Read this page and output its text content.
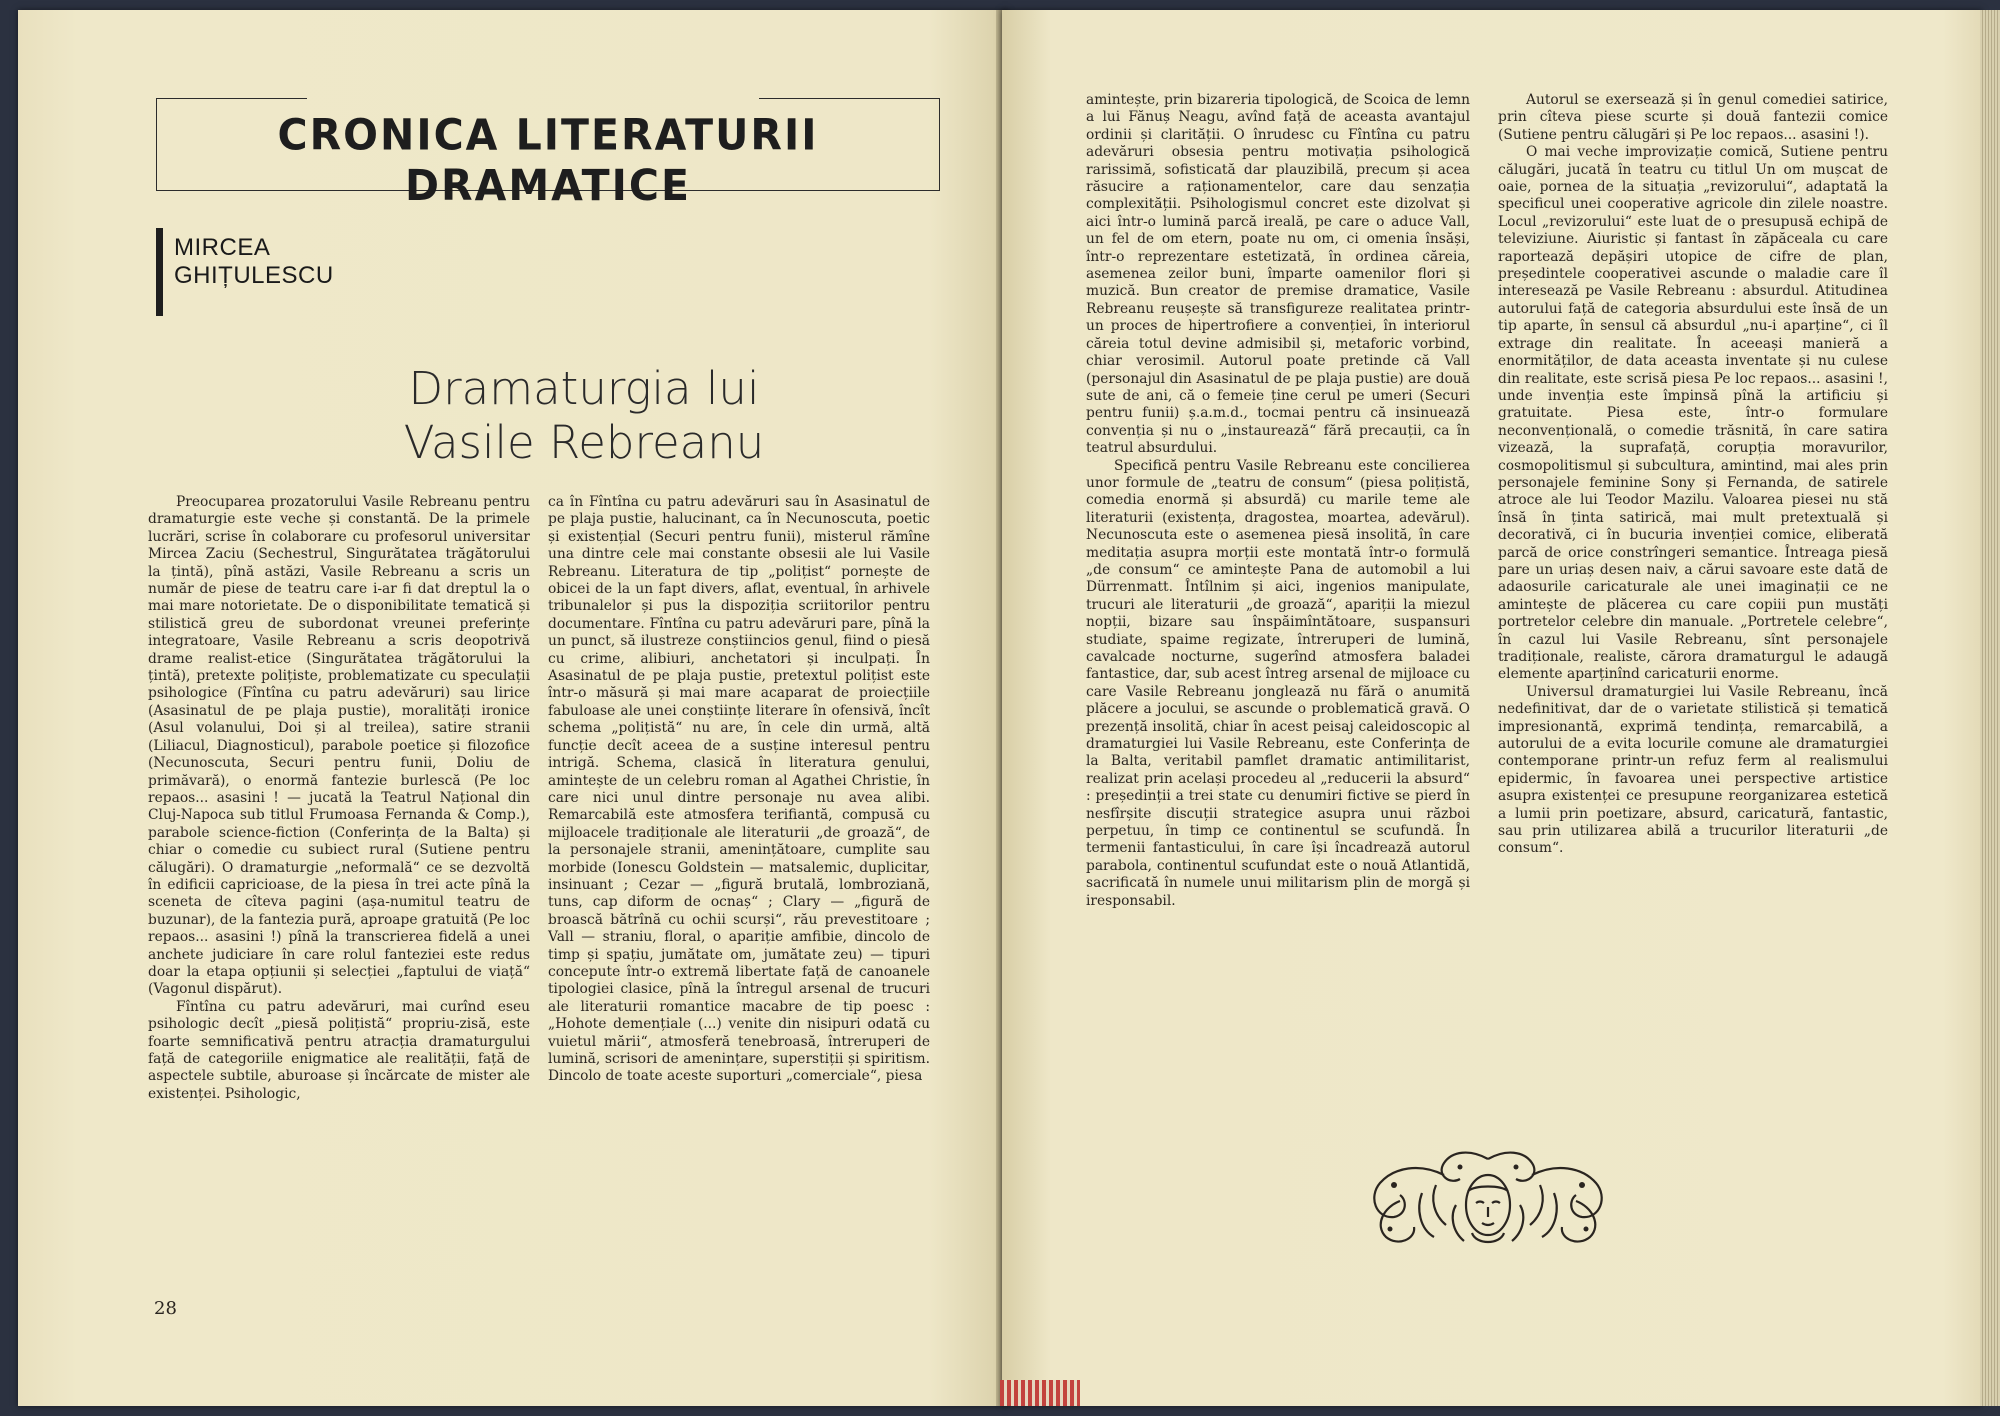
CRONICA LITERATURII DRAMATICE
MIRCEA
GHIȚULESCU
Dramaturgia lui
Vasile Rebreanu

Preocuparea prozatorului Vasile Rebreanu pentru dramaturgie este veche și constantă. De la primele lucrări, scrise în colaborare cu profesorul universitar Mircea Zaciu (Sechestrul, Singurătatea trăgătorului la țintă), pînă astăzi, Vasile Rebreanu a scris un număr de piese de teatru care i-ar fi dat dreptul la o mai mare notorietate. De o disponibilitate tematică și stilistică greu de subordonat vreunei preferințe integratoare, Vasile Rebreanu a scris deopotrivă drame realist-etice (Singurătatea trăgătorului la țintă), pretexte polițiste, problematizate cu speculații psihologice (Fîntîna cu patru adevăruri) sau lirice (Asasinatul de pe plaja pustie), moralități ironice (Asul volanului, Doi și al treilea), satire stranii (Liliacul, Diagnosticul), parabole poetice și filozofice (Necunoscuta, Securi pentru funii, Doliu de primăvară), o enormă fantezie burlescă (Pe loc repaos... asasini ! — jucată la Teatrul Național din Cluj-Napoca sub titlul Frumoasa Fernanda & Comp.), parabole science-fiction (Conferința de la Balta) și chiar o comedie cu subiect rural (Sutiene pentru călugări). O dramaturgie „neformală“ ce se dezvoltă în edificii capricioase, de la piesa în trei acte pînă la sceneta de cîteva pagini (așa-numitul teatru de buzunar), de la fantezia pură, aproape gratuită (Pe loc repaos... asasini !) pînă la transcrierea fidelă a unei anchete judiciare în care rolul fanteziei este redus doar la etapa opțiunii și selecției „faptului de viață“ (Vagonul dispărut).

Fîntîna cu patru adevăruri, mai curînd eseu psihologic decît „piesă polițistă“ propriu-zisă, este foarte semnificativă pentru atracția dramaturgului față de categoriile enigmatice ale realității, față de aspectele subtile, aburoase și încărcate de mister ale existenței. Psihologic,

ca în Fîntîna cu patru adevăruri sau în Asasinatul de pe plaja pustie, halucinant, ca în Necunoscuta, poetic și existențial (Securi pentru funii), misterul rămîne una dintre cele mai constante obsesii ale lui Vasile Rebreanu. Literatura de tip „polițist“ pornește de obicei de la un fapt divers, aflat, eventual, în arhivele tribunalelor și pus la dispoziția scriitorilor pentru documentare. Fîntîna cu patru adevăruri pare, pînă la un punct, să ilustreze conștiincios genul, fiind o piesă cu crime, alibiuri, anchetatori și inculpați. În Asasinatul de pe plaja pustie, pretextul polițist este într-o măsură și mai mare acaparat de proiecțiile fabuloase ale unei conștiințe literare în ofensivă, încît schema „polițistă“ nu are, în cele din urmă, altă funcție decît aceea de a susține interesul pentru intrigă. Schema, clasică în literatura genului, amintește de un celebru roman al Agathei Christie, în care nici unul dintre personaje nu avea alibi. Remarcabilă este atmosfera terifiantă, compusă cu mijloacele tradiționale ale literaturii „de groază“, de la personajele stranii, amenințătoare, cumplite sau morbide (Ionescu Goldstein — matsalemic, duplicitar, insinuant ; Cezar — „figură brutală, lombroziană, tuns, cap diform de ocnaș“ ; Clary — „figură de broască bătrînă cu ochii scurși“, rău prevestitoare ; Vall — straniu, floral, o apariție amfibie, dincolo de timp și spațiu, jumătate om, jumătate zeu) — tipuri concepute într-o extremă libertate față de canoanele tipologiei clasice, pînă la întregul arsenal de trucuri ale literaturii romantice macabre de tip poesc : „Hohote demențiale (...) venite din nisipuri odată cu vuietul mării“, atmosferă tenebroasă, întreruperi de lumină, scrisori de amenințare, superstiții și spiritism. Dincolo de toate aceste suporturi „comerciale“, piesa

28

amintește, prin bizareria tipologică, de Scoica de lemn a lui Fănuș Neagu, avînd față de aceasta avantajul ordinii și clarității. O înrudesc cu Fîntîna cu patru adevăruri obsesia pentru motivația psihologică rarissimă, sofisticată dar plauzibilă, precum și acea răsucire a raționamentelor, care dau senzația complexității. Psihologismul concret este dizolvat și aici într-o lumină parcă ireală, pe care o aduce Vall, un fel de om etern, poate nu om, ci omenia însăși, într-o reprezentare estetizată, în ordinea căreia, asemenea zeilor buni, împarte oamenilor flori și muzică. Bun creator de premise dramatice, Vasile Rebreanu reușește să transfigureze realitatea printr-un proces de hipertrofiere a convenției, în interiorul căreia totul devine admisibil și, metaforic vorbind, chiar verosimil. Autorul poate pretinde că Vall (personajul din Asasinatul de pe plaja pustie) are două sute de ani, că o femeie ține cerul pe umeri (Securi pentru funii) ș.a.m.d., tocmai pentru că insinuează convenția și nu o „instaurează“ fără precauții, ca în teatrul absurdului.

Specifică pentru Vasile Rebreanu este concilierea unor formule de „teatru de consum“ (piesa polițistă, comedia enormă și absurdă) cu marile teme ale literaturii (existența, dragostea, moartea, adevărul). Necunoscuta este o asemenea piesă insolită, în care meditația asupra morții este montată într-o formulă „de consum“ ce amintește Pana de automobil a lui Dürrenmatt. Întîlnim și aici, ingenios manipulate, trucuri ale literaturii „de groază“, apariții la miezul nopții, bizare sau înspăimîntătoare, suspansuri studiate, spaime regizate, întreruperi de lumină, cavalcade nocturne, sugerînd atmosfera baladei fantastice, dar, sub acest întreg arsenal de mijloace cu care Vasile Rebreanu jonglează nu fără o anumită plăcere a jocului, se ascunde o problematică gravă. O prezență insolită, chiar în acest peisaj caleidoscopic al dramaturgiei lui Vasile Rebreanu, este Conferința de la Balta, veritabil pamflet dramatic antimilitarist, realizat prin același procedeu al „reducerii la absurd“ : președinții a trei state cu denumiri fictive se pierd în nesfîrșite discuții strategice asupra unui război perpetuu, în timp ce continentul se scufundă. În termenii fantasticului, în care își încadrează autorul parabola, continentul scufundat este o nouă Atlantidă, sacrificată în numele unui militarism plin de morgă și iresponsabil.

Autorul se exersează și în genul comediei satirice, prin cîteva piese scurte și două fantezii comice (Sutiene pentru călugări și Pe loc repaos... asasini !).

O mai veche improvizație comică, Sutiene pentru călugări, jucată în teatru cu titlul Un om mușcat de oaie, pornea de la situația „revizorului“, adaptată la specificul unei cooperative agricole din zilele noastre. Locul „revizorului“ este luat de o presupusă echipă de televiziune. Aiuristic și fantast în zăpăceala cu care raportează depășiri utopice de cifre de plan, președintele cooperativei ascunde o maladie care îl interesează pe Vasile Rebreanu : absurdul. Atitudinea autorului față de categoria absurdului este însă de un tip aparte, în sensul că absurdul „nu-i aparține“, ci îl extrage din realitate. În aceeași manieră a enormităților, de data aceasta inventate și nu culese din realitate, este scrisă piesa Pe loc repaos... asasini !, unde invenția este împinsă pînă la artificiu și gratuitate. Piesa este, într-o formulare neconvențională, o comedie trăsnită, în care satira vizează, la suprafață, corupția moravurilor, cosmopolitismul și subcultura, amintind, mai ales prin personajele feminine Sony și Fernanda, de satirele atroce ale lui Teodor Mazilu. Valoarea piesei nu stă însă în ținta satirică, mai mult pretextuală și decorativă, ci în bucuria invenției comice, eliberată parcă de orice constrîngeri semantice. Întreaga piesă pare un uriaș desen naiv, a cărui savoare este dată de adaosurile caricaturale ale unei imaginații ce ne amintește de plăcerea cu care copiii pun mustăți portretelor celebre din manuale. „Portretele celebre“, în cazul lui Vasile Rebreanu, sînt personajele tradiționale, realiste, cărora dramaturgul le adaugă elemente aparținînd caricaturii enorme.

Universul dramaturgiei lui Vasile Rebreanu, încă nedefinitivat, dar de o varietate stilistică și tematică impresionantă, exprimă tendința, remarcabilă, a autorului de a evita locurile comune ale dramaturgiei contemporane printr-un refuz ferm al realismului epidermic, în favoarea unei perspective artistice asupra existenței ce presupune reorganizarea estetică a lumii prin poetizare, absurd, caricatură, fantastic, sau prin utilizarea abilă a trucurilor literaturii „de consum“.
